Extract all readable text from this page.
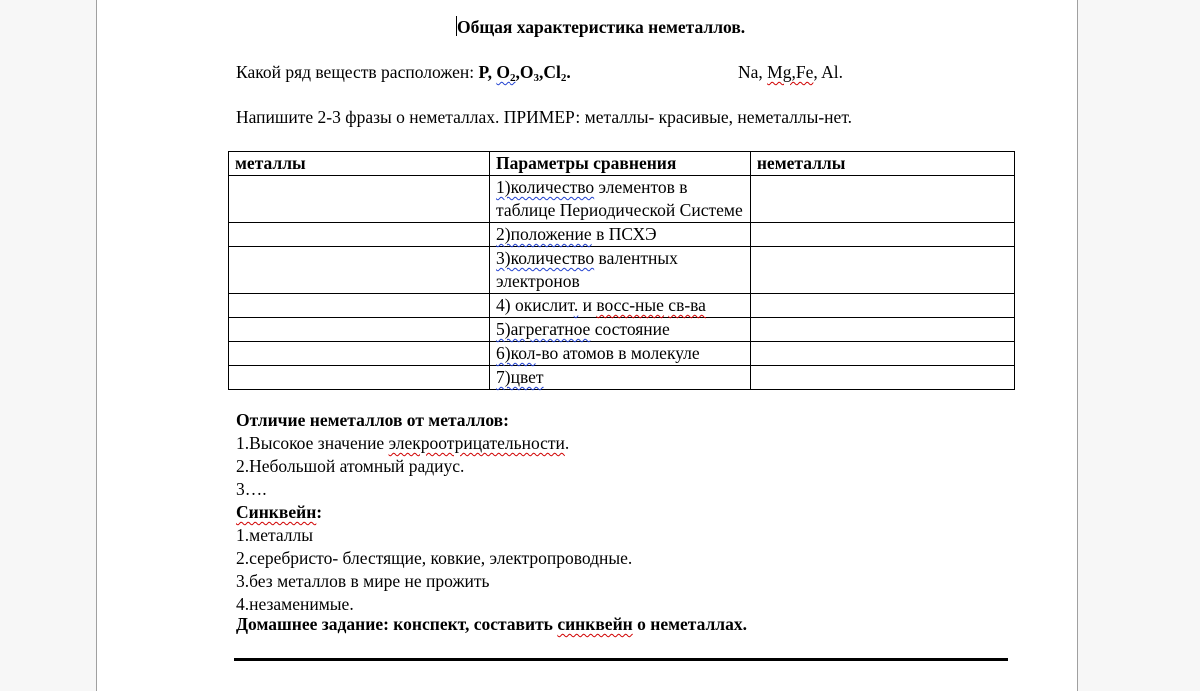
Общая характеристика неметаллов.
Какой ряд веществ расположен: P, $O_2,O_3,Cl_2$.	Na, Mg,Fe, Al.
Напишите 2-3 фразы о неметаллах. ПРИМЕР: металлы- красивые, неметаллы-нет.
металлы	Параметры сравнения	неметаллы
	1)количество элементов в таблице Периодической Системе	
	2)положение в ПСХЭ	
	3)количество валентных электронов	
	4) окислит. и восс-ные св-ва	
	5)агрегатное состояние	
	6)кол-во атомов в молекуле	
	7)цвет	
Отличие неметаллов от металлов:
1.Высокое значение элекроотрицательности.
2.Небольшой атомный радиус.
3….
Синквейн:
1.металлы
2.серебристо- блестящие, ковкие, электропроводные.
3.без металлов в мире не прожить
4.незаменимые.
Домашнее задание: конспект, составить синквейн о неметаллах.
